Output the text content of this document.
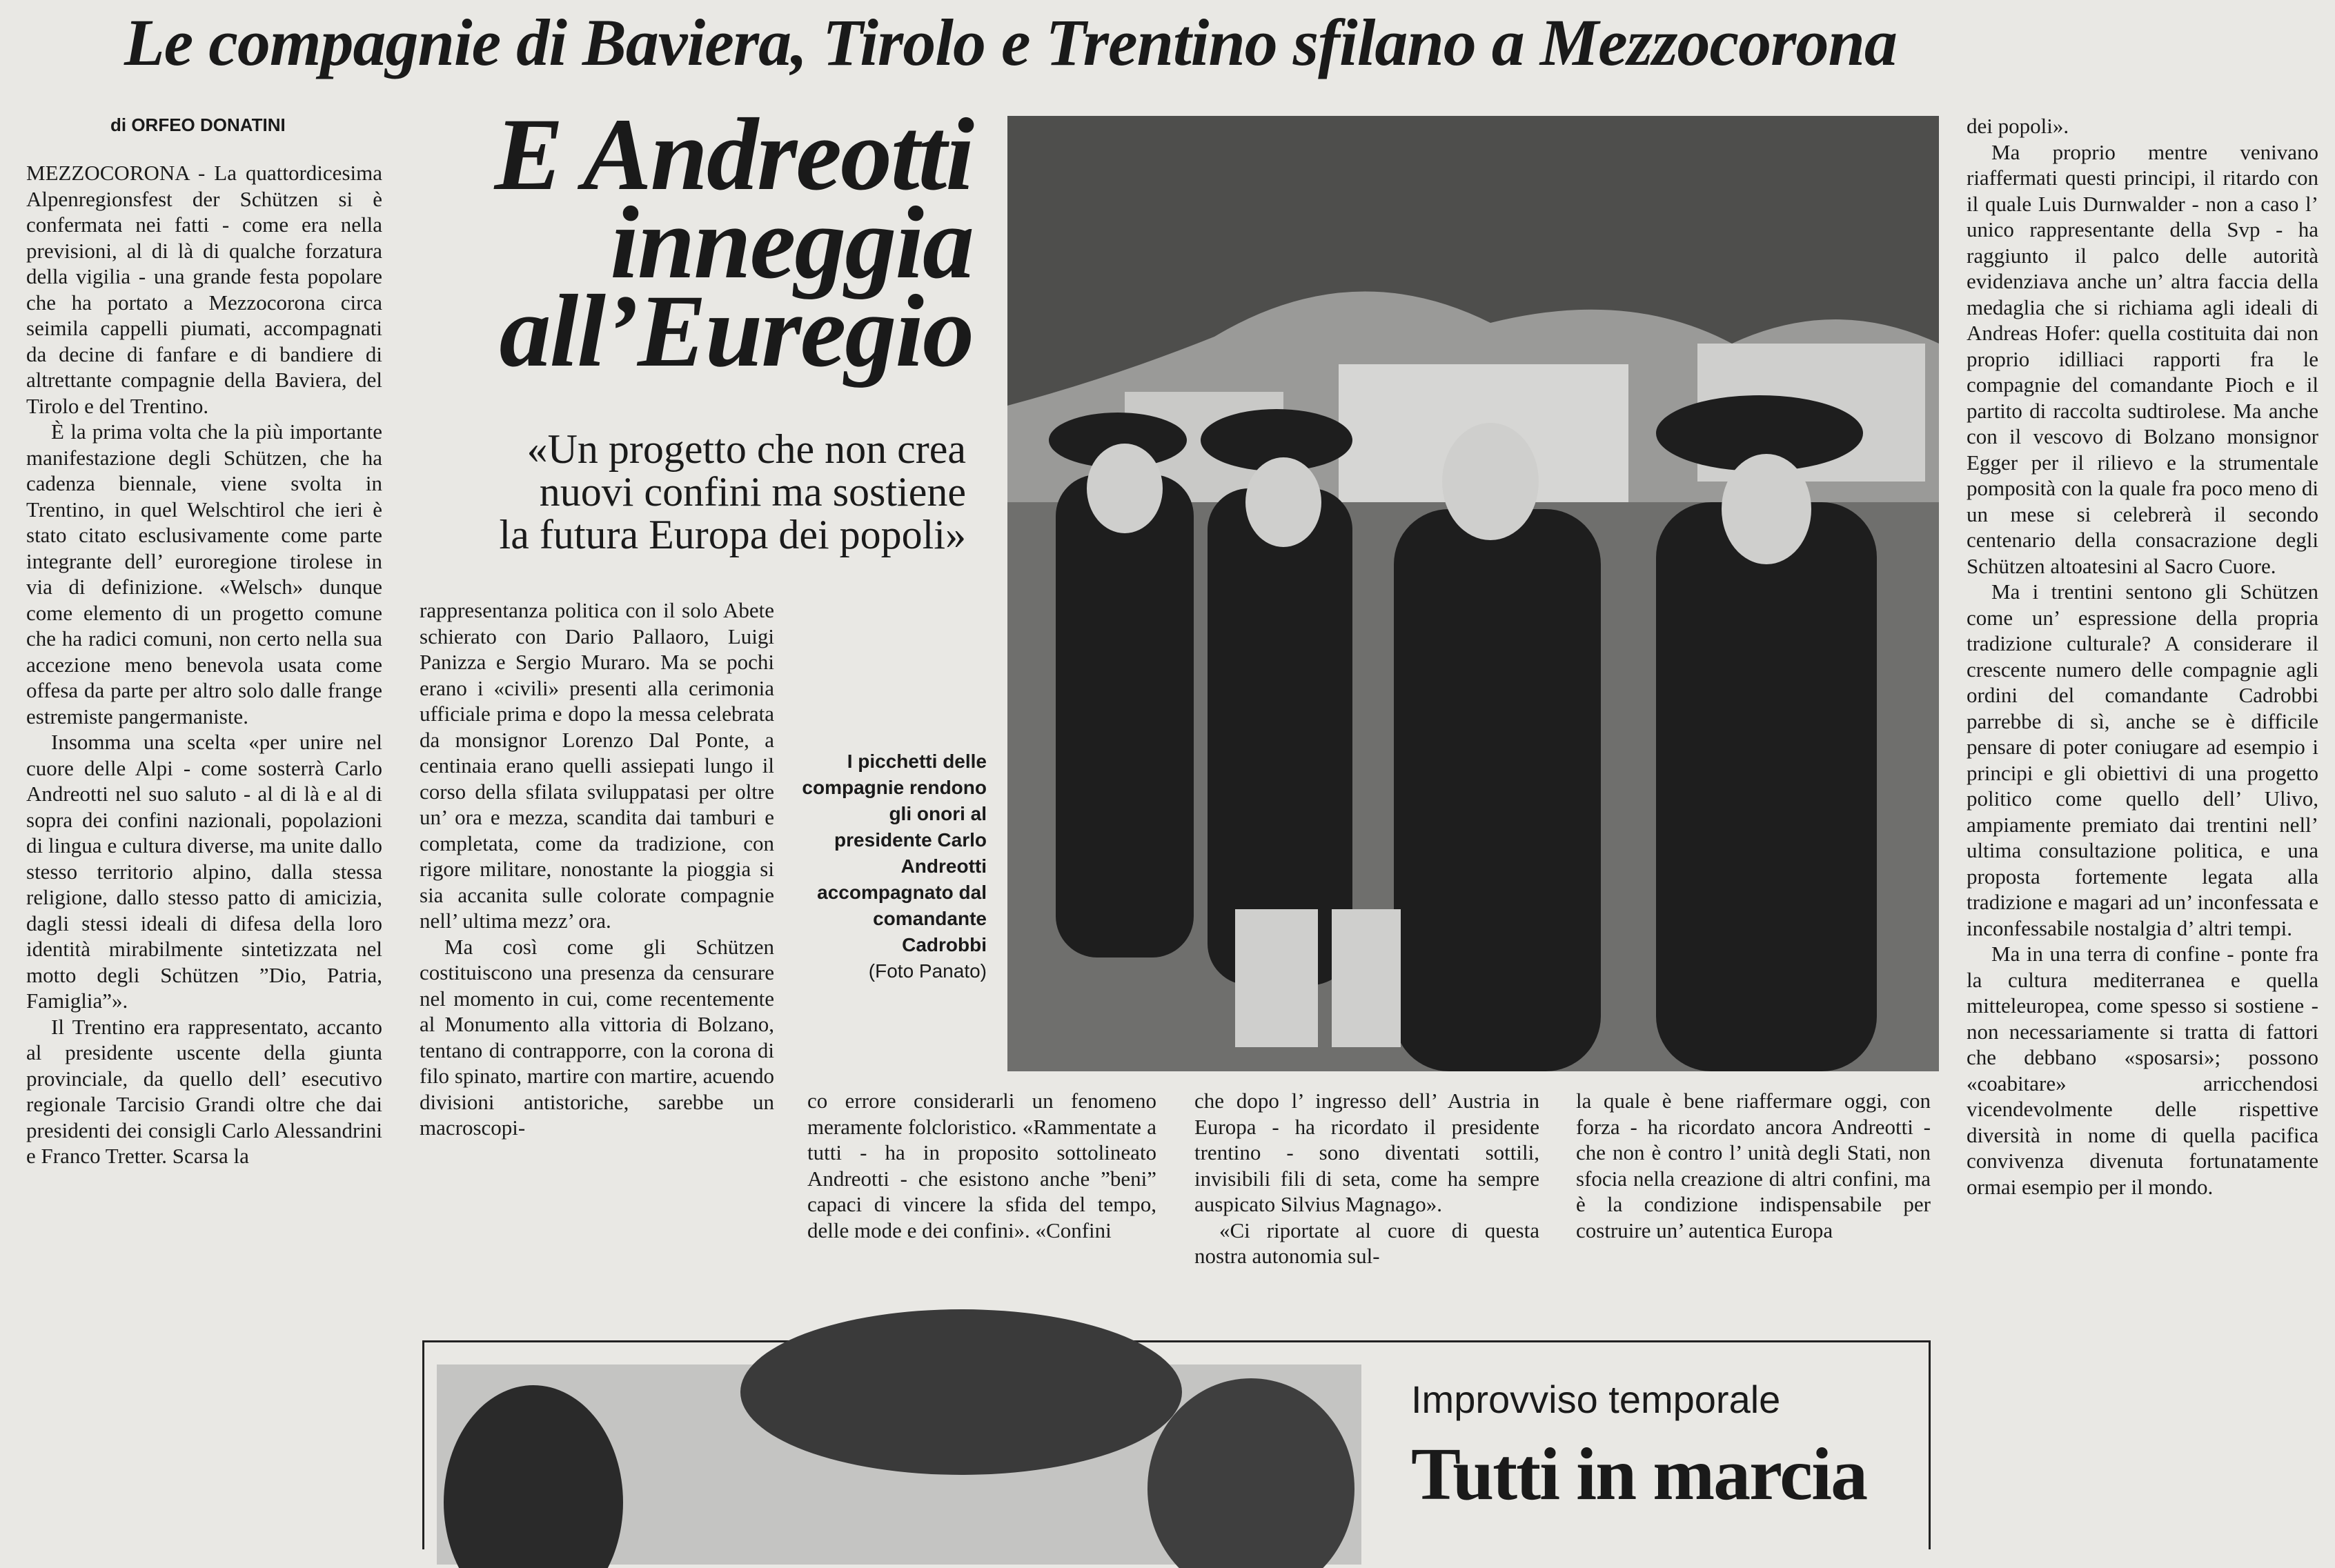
Le compagnie di Baviera, Tirolo e Trentino sfilano a Mezzocorona
di ORFEO DONATINI	E Andreotti
inneggia
all’Euregio
«Un progetto che non crea
nuovi confini ma sostiene
la futura Europa dei popoli»

MEZZOCORONA - La quattordicesima Alpenregionsfest der Schützen si è confermata nei fatti - come era nella previsioni, al di là di qualche forzatura della vigilia - una grande festa popolare che ha portato a Mezzocorona circa seimila cappelli piumati, accompagnati da decine di fanfare e di bandiere di altrettante compagnie della Baviera, del Tirolo e del Trentino.

È la prima volta che la più importante manifestazione degli Schützen, che ha cadenza biennale, viene svolta in Trentino, in quel Welschtirol che ieri è stato citato esclusivamente come parte integrante dell’ euroregione tirolese in via di definizione. «Welsch» dunque come elemento di un progetto comune che ha radici comuni, non certo nella sua accezione meno benevola usata come offesa da parte per altro solo dalle frange estremiste pangermaniste.

Insomma una scelta «per unire nel cuore delle Alpi - come sosterrà Carlo Andreotti nel suo saluto - al di là e al di sopra dei confini nazionali, popolazioni di lingua e cultura diverse, ma unite dallo stesso territorio alpino, dalla stessa religione, dallo stesso patto di amicizia, dagli stessi ideali di difesa della loro identità mirabilmente sintetizzata nel motto degli Schützen ”Dio, Patria, Famiglia”».

Il Trentino era rappresentato, accanto al presidente uscente della giunta provinciale, da quello dell’ esecutivo regionale Tarcisio Grandi oltre che dai presidenti dei consigli Carlo Alessandrini e Franco Tretter. Scarsa la

rappresentanza politica con il solo Abete schierato con Dario Pallaoro, Luigi Panizza e Sergio Muraro. Ma se pochi erano i «civili» presenti alla cerimonia ufficiale prima e dopo la messa celebrata da monsignor Lorenzo Dal Ponte, a centinaia erano quelli assiepati lungo il corso della sfilata sviluppatasi per oltre un’ ora e mezza, scandita dai tamburi e completata, come da tradizione, con rigore militare, nonostante la pioggia si sia accanita sulle colorate compagnie nell’ ultima mezz’ ora.

Ma così come gli Schützen costituiscono una presenza da censurare nel momento in cui, come recentemente al Monumento alla vittoria di Bolzano, tentano di contrapporre, con la corona di filo spinato, martire con martire, acuendo divisioni antistoriche, sarebbe un macroscopi-

I picchetti delle compagnie rendono gli onori al presidente Carlo Andreotti accompagnato dal comandante Cadrobbi
(Foto Panato)

co errore considerarli un fenomeno meramente folcloristico. «Rammentate a tutti - ha in proposito sottolineato Andreotti - che esistono anche ”beni” capaci di vincere la sfida del tempo, delle mode e dei confini». «Confini

che dopo l’ ingresso dell’ Austria in Europa - ha ricordato il presidente trentino - sono diventati sottili, invisibili fili di seta, come ha sempre auspicato Silvius Magnago».

«Ci riportate al cuore di questa nostra autonomia sul-

la quale è bene riaffermare oggi, con forza - ha ricordato ancora Andreotti - che non è contro l’ unità degli Stati, non sfocia nella creazione di altri confini, ma è la condizione indispensabile per costruire un’ autentica Europa

dei popoli».

Ma proprio mentre venivano riaffermati questi principi, il ritardo con il quale Luis Durnwalder - non a caso l’ unico rappresentante della Svp - ha raggiunto il palco delle autorità evidenziava anche un’ altra faccia della medaglia che si richiama agli ideali di Andreas Hofer: quella costituita dai non proprio idilliaci rapporti fra le compagnie del comandante Pioch e il partito di raccolta sudtirolese. Ma anche con il vescovo di Bolzano monsignor Egger per il rilievo e la strumentale pomposità con la quale fra poco meno di un mese si celebrerà il secondo centenario della consacrazione degli Schützen altoatesini al Sacro Cuore.

Ma i trentini sentono gli Schützen come un’ espressione della propria tradizione culturale? A considerare il crescente numero delle compagnie agli ordini del comandante Cadrobbi parrebbe di sì, anche se è difficile pensare di poter coniugare ad esempio i principi e gli obiettivi di una progetto politico come quello dell’ Ulivo, ampiamente premiato dai trentini nell’ ultima consultazione politica, e una proposta fortemente legata alla tradizione e magari ad un’ inconfessata e inconfessabile nostalgia d’ altri tempi.

Ma in una terra di confine - ponte fra la cultura mediterranea e quella mitteleuropea, come spesso si sostiene - non necessariamente si tratta di fattori che debbano «sposarsi»; possono «coabitare» arricchendosi vicendevolmente delle rispettive diversità in nome di quella pacifica convivenza divenuta fortunatamente ormai esempio per il mondo.

Improvviso temporale
Tutti in marcia
